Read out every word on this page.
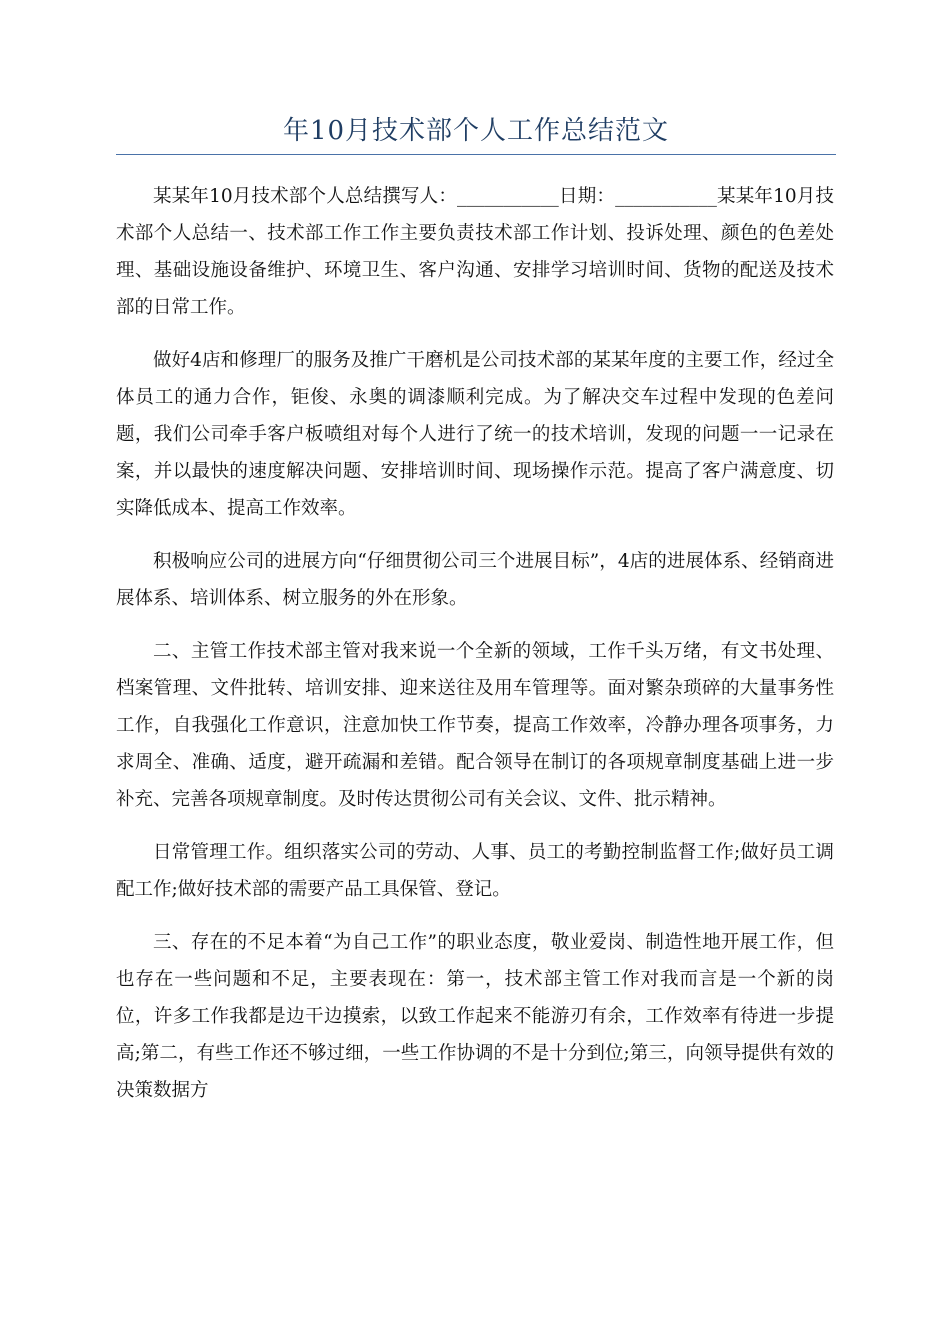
年10月技术部个人工作总结范文

某某年10月技术部个人总结撰写人：___________日期：___________某某年10月技术部个人总结一、技术部工作工作主要负责技术部工作计划、投诉处理、颜色的色差处理、基础设施设备维护、环境卫生、客户沟通、安排学习培训时间、货物的配送及技术部的日常工作。

做好4店和修理厂的服务及推广干磨机是公司技术部的某某年度的主要工作，经过全体员工的通力合作，钜俊、永奥的调漆顺利完成。为了解决交车过程中发现的色差问题，我们公司牵手客户板喷组对每个人进行了统一的技术培训，发现的问题一一记录在案，并以最快的速度解决问题、安排培训时间、现场操作示范。提高了客户满意度、切实降低成本、提高工作效率。

积极响应公司的进展方向“仔细贯彻公司三个进展目标”，4店的进展体系、经销商进展体系、培训体系、树立服务的外在形象。

二、主管工作技术部主管对我来说一个全新的领域，工作千头万绪，有文书处理、档案管理、文件批转、培训安排、迎来送往及用车管理等。面对繁杂琐碎的大量事务性工作，自我强化工作意识，注意加快工作节奏，提高工作效率，冷静办理各项事务，力求周全、准确、适度，避开疏漏和差错。配合领导在制订的各项规章制度基础上进一步补充、完善各项规章制度。及时传达贯彻公司有关会议、文件、批示精神。

日常管理工作。组织落实公司的劳动、人事、员工的考勤控制监督工作;做好员工调配工作;做好技术部的需要产品工具保管、登记。

三、存在的不足本着“为自己工作”的职业态度，敬业爱岗、制造性地开展工作，但也存在一些问题和不足，主要表现在：第一，技术部主管工作对我而言是一个新的岗位，许多工作我都是边干边摸索，以致工作起来不能游刃有余，工作效率有待进一步提高;第二，有些工作还不够过细，一些工作协调的不是十分到位;第三，向领导提供有效的决策数据方
